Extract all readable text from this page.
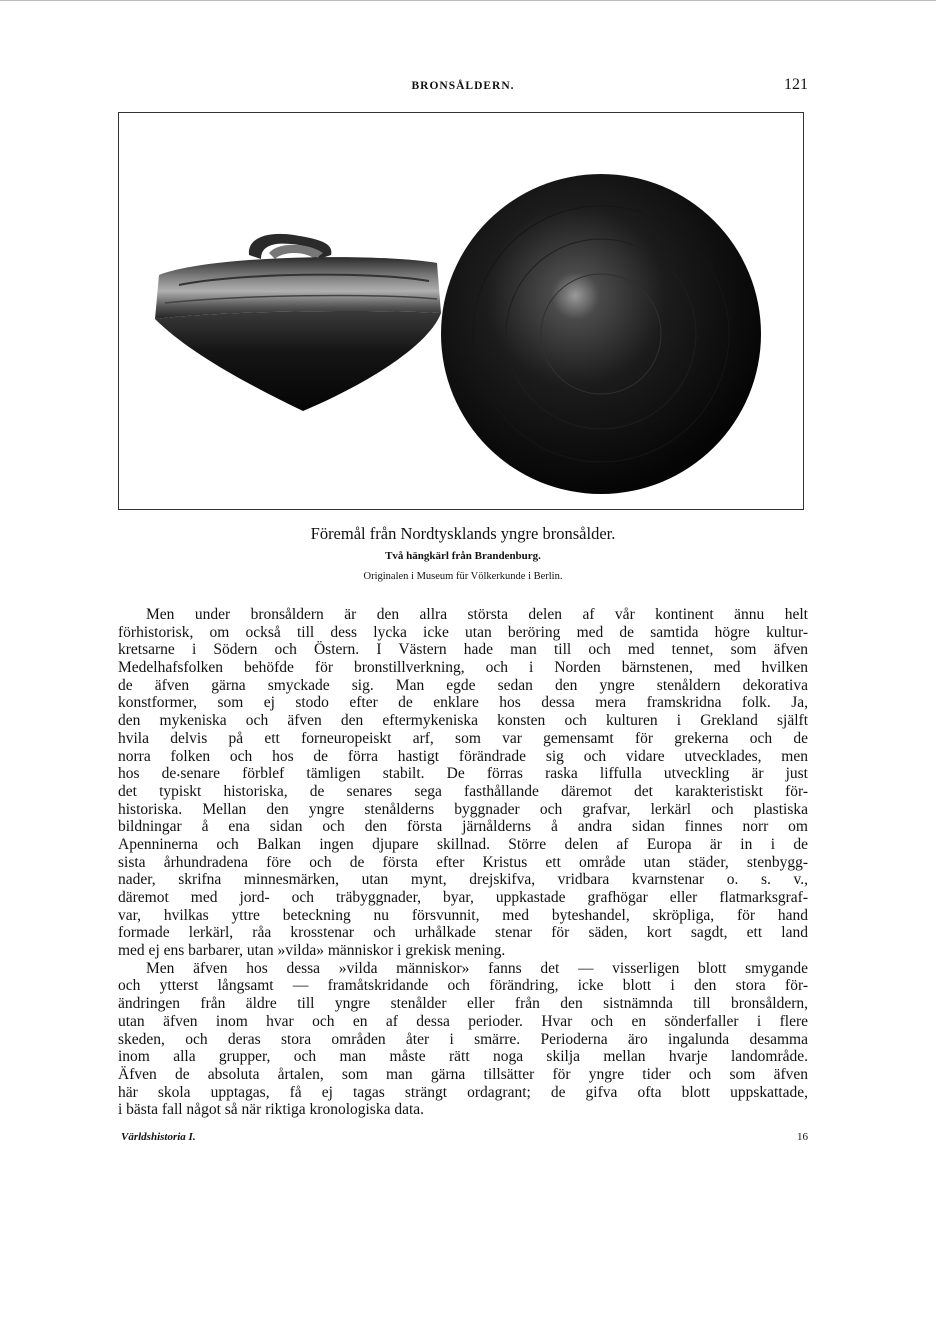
BRONSÅLDERN.	121
Föremål från Nordtysklands yngre bronsålder.
Två hängkärl från Brandenburg.
Originalen i Museum für Völkerkunde i Berlin.
Men under bronsåldern är den allra största delen af vår kontinent ännu helt
förhistorisk, om också till dess lycka icke utan beröring med de samtida högre kultur-
kretsarne i Södern och Östern. I Västern hade man till och med tennet, som äfven
Medelhafsfolken behöfde för bronstillverkning, och i Norden bärnstenen, med hvilken
de äfven gärna smyckade sig. Man egde sedan den yngre stenåldern dekorativa
konstformer, som ej stodo efter de enklare hos dessa mera framskridna folk. Ja,
den mykeniska och äfven den eftermykeniska konsten och kulturen i Grekland själft
hvila delvis på ett forneuropeiskt arf, som var gemensamt för grekerna och de
norra folken och hos de förra hastigt förändrade sig och vidare utvecklades, men
hos de⸳senare förblef tämligen stabilt. De förras raska liffulla utveckling är just
det typiskt historiska, de senares sega fasthållande däremot det karakteristiskt för-
historiska. Mellan den yngre stenålderns byggnader och grafvar, lerkärl och plastiska
bildningar å ena sidan och den första järnålderns å andra sidan finnes norr om
Apenninerna och Balkan ingen djupare skillnad. Större delen af Europa är in i de
sista århundradena före och de första efter Kristus ett område utan städer, stenbygg-
nader, skrifna minnesmärken, utan mynt, drejskifva, vridbara kvarnstenar o. s. v.,
däremot med jord- och träbyggnader, byar, uppkastade grafhögar eller flatmarksgraf-
var, hvilkas yttre beteckning nu försvunnit, med byteshandel, skröpliga, för hand
formade lerkärl, råa krosstenar och urhålkade stenar för säden, kort sagdt, ett land
med ej ens barbarer, utan »vilda» människor i grekisk mening.
Men äfven hos dessa »vilda människor» fanns det — visserligen blott smygande
och ytterst långsamt — framåtskridande och förändring, icke blott i den stora för-
ändringen från äldre till yngre stenålder eller från den sistnämnda till bronsåldern,
utan äfven inom hvar och en af dessa perioder. Hvar och en sönderfaller i flere
skeden, och deras stora områden åter i smärre. Perioderna äro ingalunda desamma
inom alla grupper, och man måste rätt noga skilja mellan hvarje landområde.
Äfven de absoluta årtalen, som man gärna tillsätter för yngre tider och som äfven
här skola upptagas, få ej tagas strängt ordagrant; de gifva ofta blott uppskattade,
i bästa fall något så när riktiga kronologiska data.
Världshistoria I.	16
